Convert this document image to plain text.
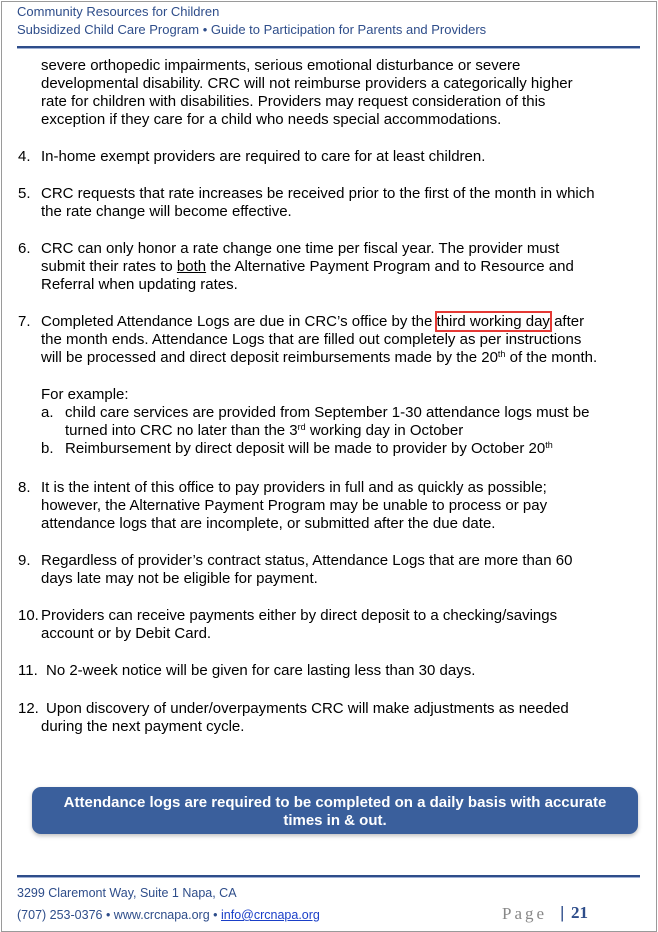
Community Resources for Children
Subsidized Child Care Program • Guide to Participation for Parents and Providers
severe orthopedic impairments, serious emotional disturbance or severe
developmental disability. CRC will not reimburse providers a categorically higher
rate for children with disabilities. Providers may request consideration of this
exception if they care for a child who needs special accommodations.
4. In-home exempt providers are required to care for at least children.
5. CRC requests that rate increases be received prior to the first of the month in which
the rate change will become effective.
6. CRC can only honor a rate change one time per fiscal year. The provider must
submit their rates to both the Alternative Payment Program and to Resource and
Referral when updating rates.
7. Completed Attendance Logs are due in CRC’s office by the third working day after
the month ends. Attendance Logs that are filled out completely as per instructions
will be processed and direct deposit reimbursements made by the 20th of the month.
For example:
a. child care services are provided from September 1-30 attendance logs must be
turned into CRC no later than the 3rd working day in October
b. Reimbursement by direct deposit will be made to provider by October 20th
8. It is the intent of this office to pay providers in full and as quickly as possible;
however, the Alternative Payment Program may be unable to process or pay
attendance logs that are incomplete, or submitted after the due date.
9. Regardless of provider’s contract status, Attendance Logs that are more than 60
days late may not be eligible for payment.
10. Providers can receive payments either by direct deposit to a checking/savings
account or by Debit Card.
11. No 2-week notice will be given for care lasting less than 30 days.
12. Upon discovery of under/overpayments CRC will make adjustments as needed
during the next payment cycle.
Attendance logs are required to be completed on a daily basis with accurate
times in & out.
3299 Claremont Way, Suite 1 Napa, CA
(707) 253-0376 • www.crcnapa.org • info@crcnapa.org	Page | 21
